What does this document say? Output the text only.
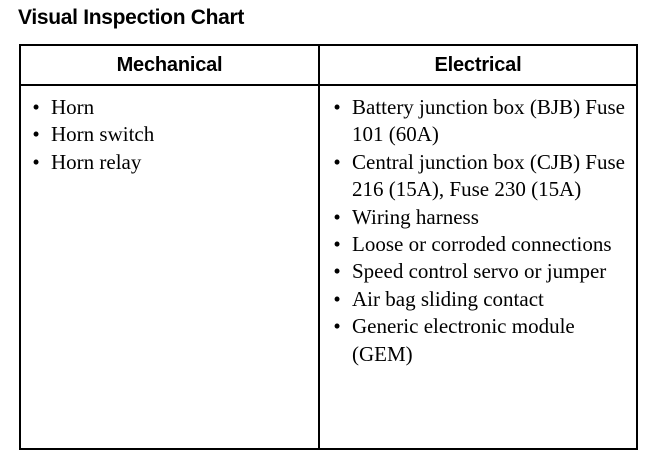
Visual Inspection Chart
Mechanical	Electrical
• Horn
• Horn switch
• Horn relay
• Battery junction box (BJB) Fuse 101 (60A)
• Central junction box (CJB) Fuse 216 (15A), Fuse 230 (15A)
• Wiring harness
• Loose or corroded connections
• Speed control servo or jumper
• Air bag sliding contact
• Generic electronic module (GEM)
